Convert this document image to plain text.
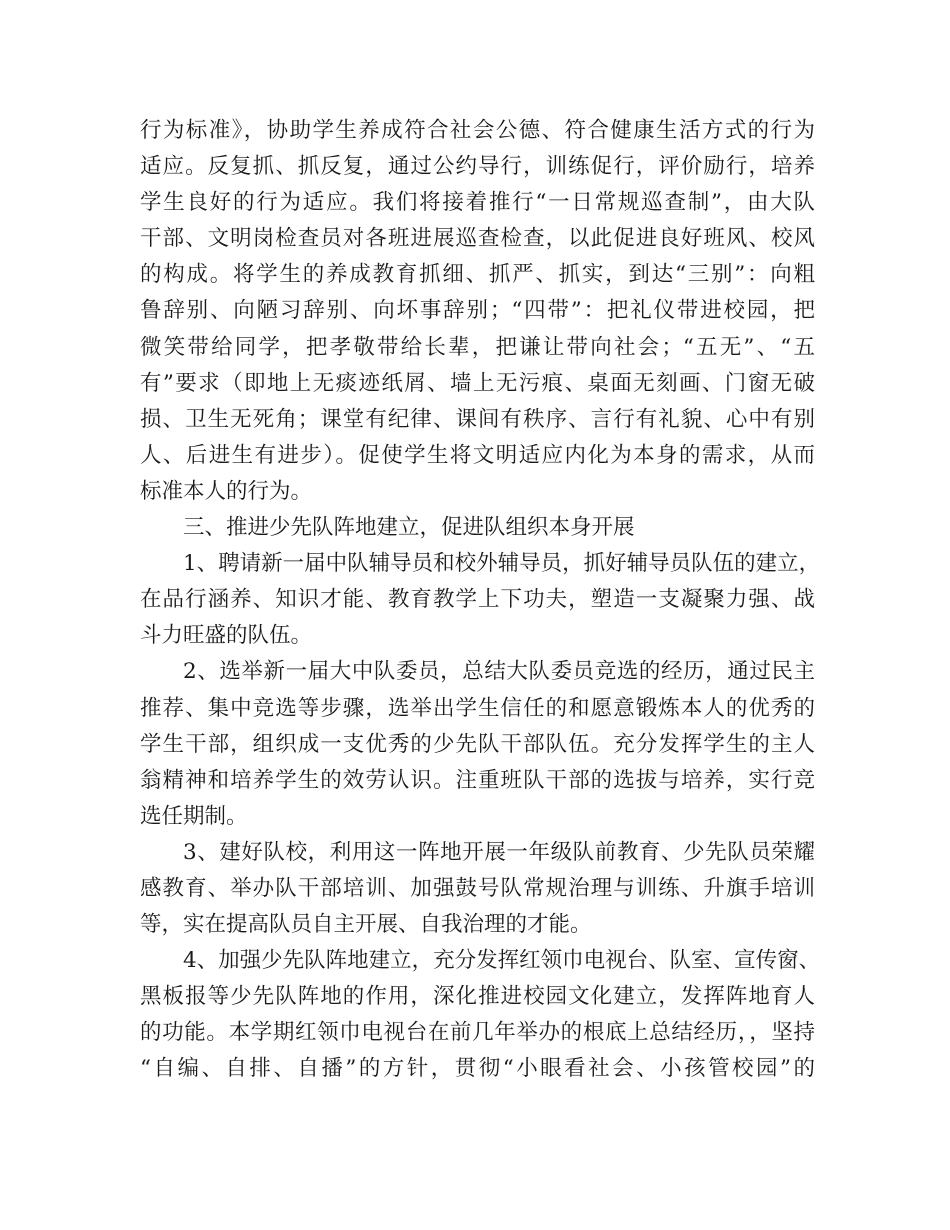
行为标准》，协助学生养成符合社会公德、符合健康生活方式的行为
适应。反复抓、抓反复，通过公约导行，训练促行，评价励行，培养
学生良好的行为适应。我们将接着推行“一日常规巡查制”，由大队
干部、文明岗检查员对各班进展巡查检查，以此促进良好班风、校风
的构成。将学生的养成教育抓细、抓严、抓实，到达“三别”：向粗
鲁辞别、向陋习辞别、向坏事辞别；“四带”：把礼仪带进校园，把
微笑带给同学，把孝敬带给长辈，把谦让带向社会；“五无”、“五
有”要求（即地上无痰迹纸屑、墙上无污痕、桌面无刻画、门窗无破
损、卫生无死角；课堂有纪律、课间有秩序、言行有礼貌、心中有别
人、后进生有进步）。促使学生将文明适应内化为本身的需求，从而
标准本人的行为。
三、推进少先队阵地建立，促进队组织本身开展
1、聘请新一届中队辅导员和校外辅导员，抓好辅导员队伍的建立，
在品行涵养、知识才能、教育教学上下功夫，塑造一支凝聚力强、战
斗力旺盛的队伍。
2、选举新一届大中队委员，总结大队委员竞选的经历，通过民主
推荐、集中竞选等步骤，选举出学生信任的和愿意锻炼本人的优秀的
学生干部，组织成一支优秀的少先队干部队伍。充分发挥学生的主人
翁精神和培养学生的效劳认识。注重班队干部的选拔与培养，实行竞
选任期制。
3、建好队校，利用这一阵地开展一年级队前教育、少先队员荣耀
感教育、举办队干部培训、加强鼓号队常规治理与训练、升旗手培训
等，实在提高队员自主开展、自我治理的才能。
4、加强少先队阵地建立，充分发挥红领巾电视台、队室、宣传窗、
黑板报等少先队阵地的作用，深化推进校园文化建立，发挥阵地育人
的功能。本学期红领巾电视台在前几年举办的根底上总结经历，，坚持
“自编、自排、自播”的方针，贯彻“小眼看社会、小孩管校园”的
